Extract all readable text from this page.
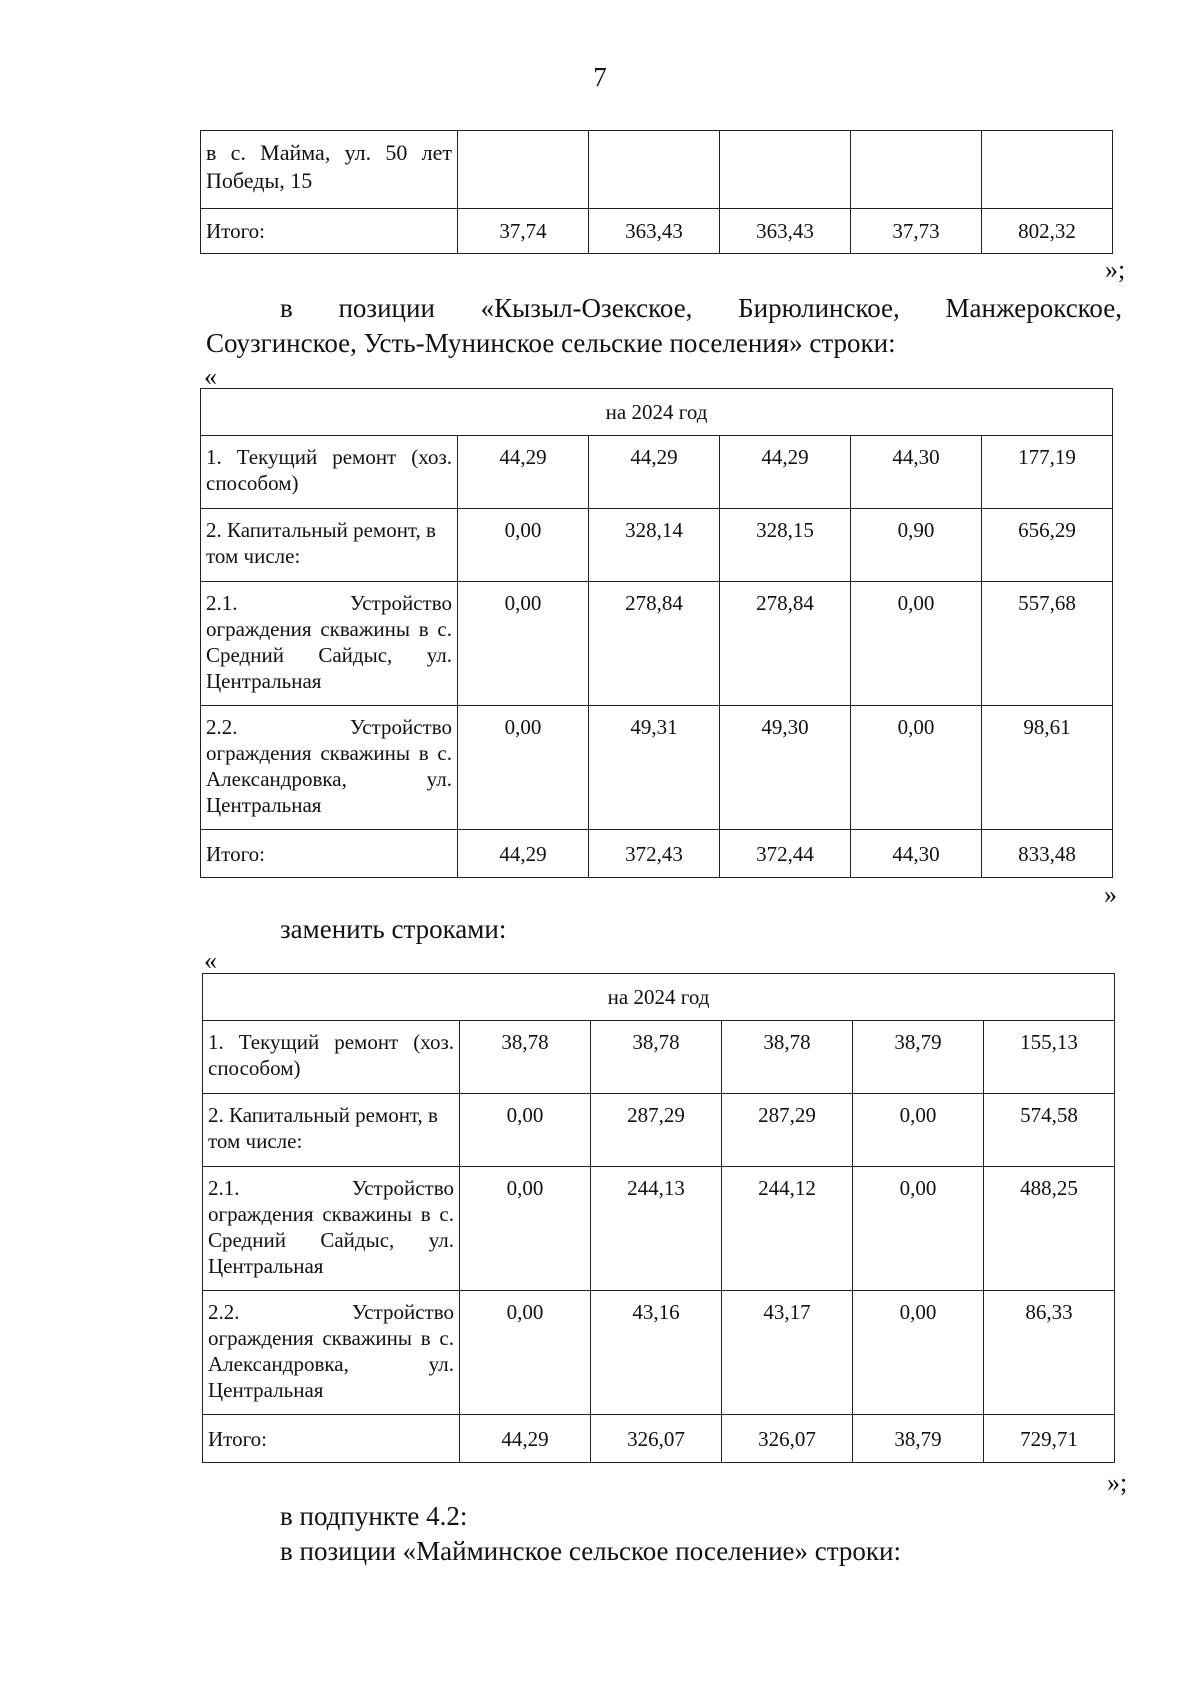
7
в с. Майма, ул. 50 лет Победы, 15					
Итого:	37,74	363,43	363,43	37,73	802,32
»;
в позиции «Кызыл-Озекское, Бирюлинское, Манжерокское,
Соузгинское, Усть-Мунинское сельские поселения» строки:
«
на 2024 год					
1. Текущий ремонт (хоз. способом)	44,29	44,29	44,29	44,30	177,19
2. Капитальный ремонт, в том числе:	0,00	328,14	328,15	0,90	656,29
2.1. Устройство ограждения скважины в с. Средний Сайдыс, ул. Центральная	0,00	278,84	278,84	0,00	557,68
2.2. Устройство ограждения скважины в с. Александровка, ул. Центральная	0,00	49,31	49,30	0,00	98,61
Итого:	44,29	372,43	372,44	44,30	833,48
»
заменить строками:
«
на 2024 год					
1. Текущий ремонт (хоз. способом)	38,78	38,78	38,78	38,79	155,13
2. Капитальный ремонт, в том числе:	0,00	287,29	287,29	0,00	574,58
2.1. Устройство ограждения скважины в с. Средний Сайдыс, ул. Центральная	0,00	244,13	244,12	0,00	488,25
2.2. Устройство ограждения скважины в с. Александровка, ул. Центральная	0,00	43,16	43,17	0,00	86,33
Итого:	44,29	326,07	326,07	38,79	729,71
»;
в подпункте 4.2:
в позиции «Майминское сельское поселение» строки:
